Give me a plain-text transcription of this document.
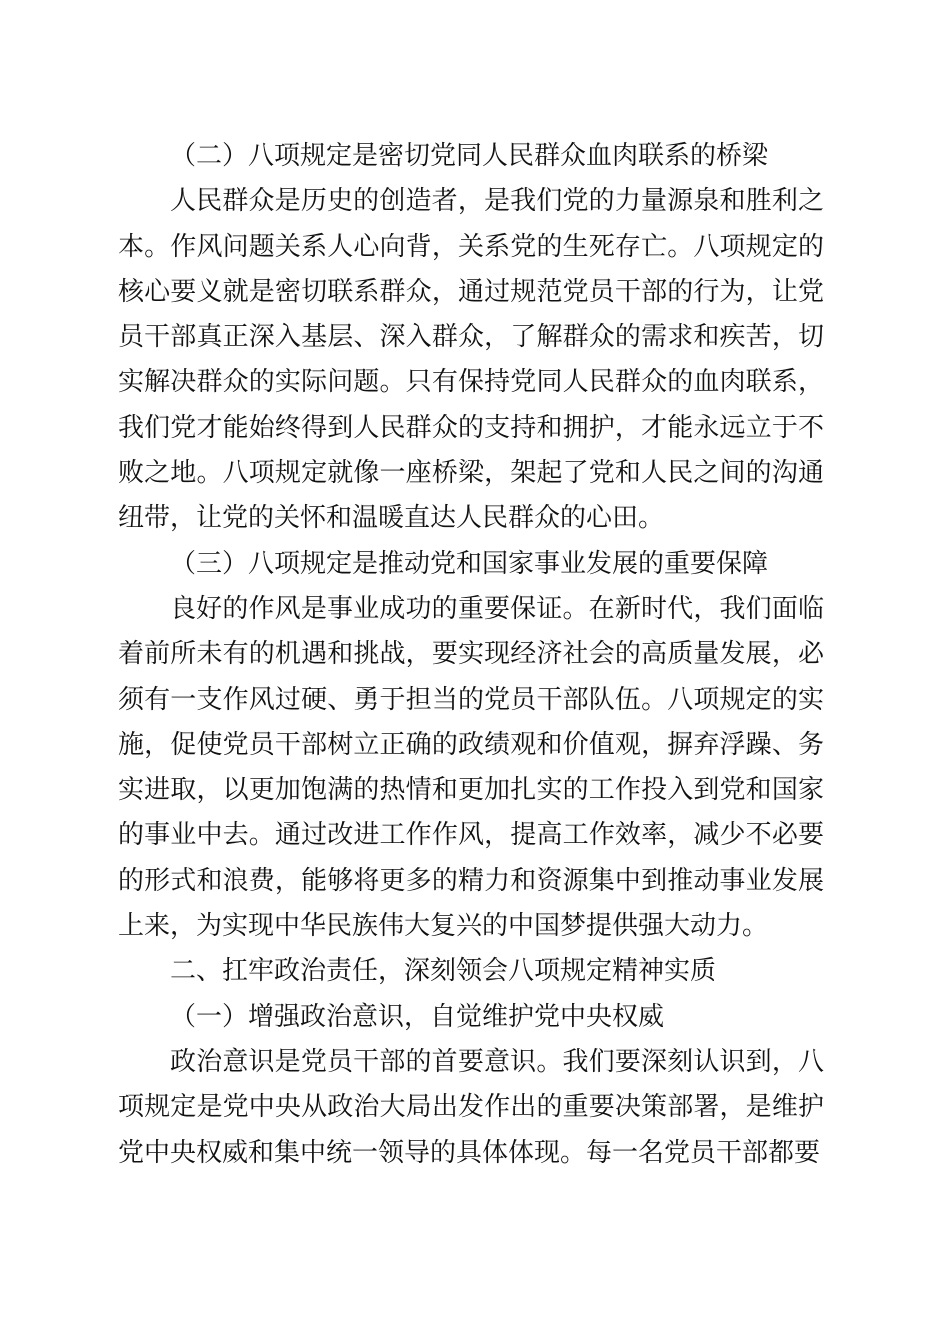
（二）八项规定是密切党同人民群众血肉联系的桥梁

人民群众是历史的创造者，是我们党的力量源泉和胜利之本。作风问题关系人心向背，关系党的生死存亡。八项规定的核心要义就是密切联系群众，通过规范党员干部的行为，让党员干部真正深入基层、深入群众，了解群众的需求和疾苦，切实解决群众的实际问题。只有保持党同人民群众的血肉联系，我们党才能始终得到人民群众的支持和拥护，才能永远立于不败之地。八项规定就像一座桥梁，架起了党和人民之间的沟通纽带，让党的关怀和温暖直达人民群众的心田。

（三）八项规定是推动党和国家事业发展的重要保障

良好的作风是事业成功的重要保证。在新时代，我们面临着前所未有的机遇和挑战，要实现经济社会的高质量发展，必须有一支作风过硬、勇于担当的党员干部队伍。八项规定的实施，促使党员干部树立正确的政绩观和价值观，摒弃浮躁、务实进取，以更加饱满的热情和更加扎实的工作投入到党和国家的事业中去。通过改进工作作风，提高工作效率，减少不必要的形式和浪费，能够将更多的精力和资源集中到推动事业发展上来，为实现中华民族伟大复兴的中国梦提供强大动力。

二、扛牢政治责任，深刻领会八项规定精神实质

（一）增强政治意识，自觉维护党中央权威

政治意识是党员干部的首要意识。我们要深刻认识到，八项规定是党中央从政治大局出发作出的重要决策部署，是维护党中央权威和集中统一领导的具体体现。每一名党员干部都要
